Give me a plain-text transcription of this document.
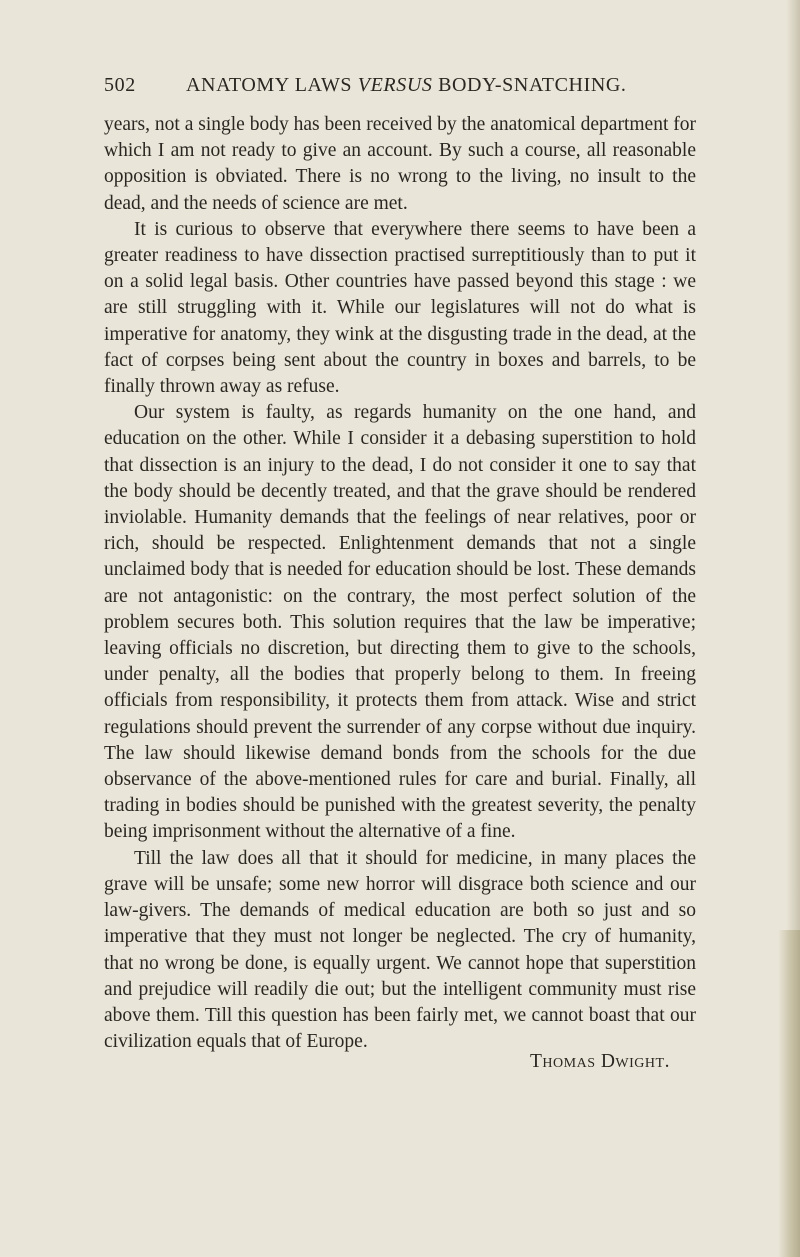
502	ANATOMY LAWS VERSUS BODY-SNATCHING.

years, not a single body has been received by the anatomical department for which I am not ready to give an account. By such a course, all reasonable opposition is obviated. There is no wrong to the living, no insult to the dead, and the needs of science are met.

It is curious to observe that everywhere there seems to have been a greater readiness to have dissection practised surreptitiously than to put it on a solid legal basis. Other countries have passed beyond this stage : we are still struggling with it. While our legislatures will not do what is imperative for anatomy, they wink at the disgusting trade in the dead, at the fact of corpses being sent about the country in boxes and barrels, to be finally thrown away as refuse.

Our system is faulty, as regards humanity on the one hand, and education on the other. While I consider it a debasing superstition to hold that dissection is an injury to the dead, I do not consider it one to say that the body should be decently treated, and that the grave should be rendered inviolable. Humanity demands that the feelings of near relatives, poor or rich, should be respected. Enlightenment demands that not a single unclaimed body that is needed for education should be lost. These demands are not antagonistic: on the contrary, the most perfect solution of the problem secures both. This solution requires that the law be imperative; leaving officials no discretion, but directing them to give to the schools, under penalty, all the bodies that properly belong to them. In freeing officials from responsibility, it protects them from attack. Wise and strict regulations should prevent the surrender of any corpse without due inquiry. The law should likewise demand bonds from the schools for the due observance of the above-mentioned rules for care and burial. Finally, all trading in bodies should be punished with the greatest severity, the penalty being imprisonment without the alternative of a fine.

Till the law does all that it should for medicine, in many places the grave will be unsafe; some new horror will disgrace both science and our law-givers. The demands of medical education are both so just and so imperative that they must not longer be neglected. The cry of humanity, that no wrong be done, is equally urgent. We cannot hope that superstition and prejudice will readily die out; but the intelligent community must rise above them. Till this question has been fairly met, we cannot boast that our civilization equals that of Europe.

Thomas Dwight.
